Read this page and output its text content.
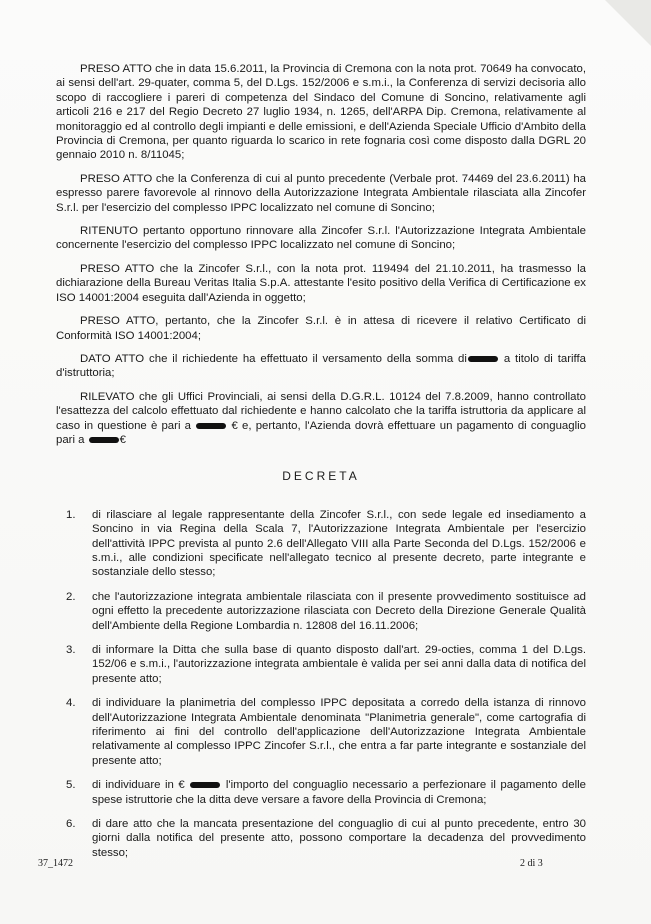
PRESO ATTO che in data 15.6.2011, la Provincia di Cremona con la nota prot. 70649 ha convocato, ai sensi dell'art. 29-quater, comma 5, del D.Lgs. 152/2006 e s.m.i., la Conferenza di servizi decisoria allo scopo di raccogliere i pareri di competenza del Sindaco del Comune di Soncino, relativamente agli articoli 216 e 217 del Regio Decreto 27 luglio 1934, n. 1265, dell'ARPA Dip. Cremona, relativamente al monitoraggio ed al controllo degli impianti e delle emissioni, e dell'Azienda Speciale Ufficio d'Ambito della Provincia di Cremona, per quanto riguarda lo scarico in rete fognaria così come disposto dalla DGRL 20 gennaio 2010 n. 8/11045;

PRESO ATTO che la Conferenza di cui al punto precedente (Verbale prot. 74469 del 23.6.2011) ha espresso parere favorevole al rinnovo della Autorizzazione Integrata Ambientale rilasciata alla Zincofer S.r.l. per l'esercizio del complesso IPPC localizzato nel comune di Soncino;

RITENUTO pertanto opportuno rinnovare alla Zincofer S.r.l. l'Autorizzazione Integrata Ambientale concernente l'esercizio del complesso IPPC localizzato nel comune di Soncino;

PRESO ATTO che la Zincofer S.r.l., con la nota prot. 119494 del 21.10.2011, ha trasmesso la dichiarazione della Bureau Veritas Italia S.p.A. attestante l'esito positivo della Verifica di Certificazione ex ISO 14001:2004 eseguita dall'Azienda in oggetto;

PRESO ATTO, pertanto, che la Zincofer S.r.l. è in attesa di ricevere il relativo Certificato di Conformità ISO 14001:2004;

DATO ATTO che il richiedente ha effettuato il versamento della somma di	a titolo di tariffa d'istruttoria;

RILEVATO che gli Uffici Provinciali, ai sensi della D.G.R.L. 10124 del 7.8.2009, hanno controllato l'esattezza del calcolo effettuato dal richiedente e hanno calcolato che la tariffa istruttoria da applicare al caso in questione è pari a	€ e, pertanto, l'Azienda dovrà effettuare un pagamento di conguaglio pari a	€

DECRETA
1.	di rilasciare al legale rappresentante della Zincofer S.r.l., con sede legale ed insediamento a Soncino in via Regina della Scala 7, l'Autorizzazione Integrata Ambientale per l'esercizio dell'attività IPPC prevista al punto 2.6 dell'Allegato VIII alla Parte Seconda del D.Lgs. 152/2006 e s.m.i., alle condizioni specificate nell'allegato tecnico al presente decreto, parte integrante e sostanziale dello stesso;
2.	che l'autorizzazione integrata ambientale rilasciata con il presente provvedimento sostituisce ad ogni effetto la precedente autorizzazione rilasciata con Decreto della Direzione Generale Qualità dell'Ambiente della Regione Lombardia n. 12808 del 16.11.2006;
3.	di informare la Ditta che sulla base di quanto disposto dall'art. 29-octies, comma 1 del D.Lgs. 152/06 e s.m.i., l'autorizzazione integrata ambientale è valida per sei anni dalla data di notifica del presente atto;
4.	di individuare la planimetria del complesso IPPC depositata a corredo della istanza di rinnovo dell'Autorizzazione Integrata Ambientale denominata "Planimetria generale", come cartografia di riferimento ai fini del controllo dell'applicazione dell'Autorizzazione Integrata Ambientale relativamente al complesso IPPC Zincofer S.r.l., che entra a far parte integrante e sostanziale del presente atto;
5.	di individuare in €	l'importo del conguaglio necessario a perfezionare il pagamento delle spese istruttorie che la ditta deve versare a favore della Provincia di Cremona;
6.	di dare atto che la mancata presentazione del conguaglio di cui al punto precedente, entro 30 giorni dalla notifica del presente atto, possono comportare la decadenza del provvedimento stesso;
37_1472	2 di 3
